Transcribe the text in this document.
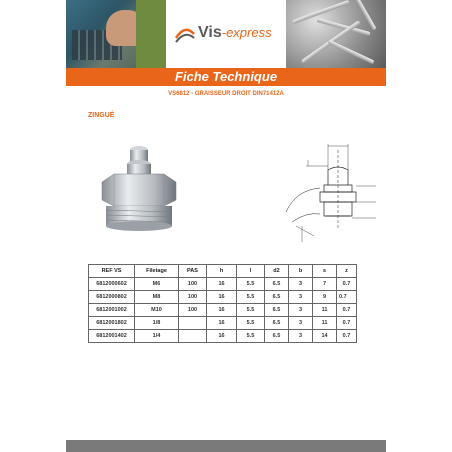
Vis-express
Fiche Technique
VS6812 - GRAISSEUR DROIT DIN71412A
ZINGUÉ
REF VS	Filetage	PAS	h	l	d2	b	s	z
6812000602	M6	100	16	5.5	6.5	3	7	0.7
6812000802	M8	100	16	5.5	6.5	3	9	0.7
6812001002	M10	100	16	5.5	6.5	3	11	0.7
6812001802	1/8		16	5.5	6.5	3	11	0.7
6812001402	1/4		16	5.5	6.5	3	14	0.7
